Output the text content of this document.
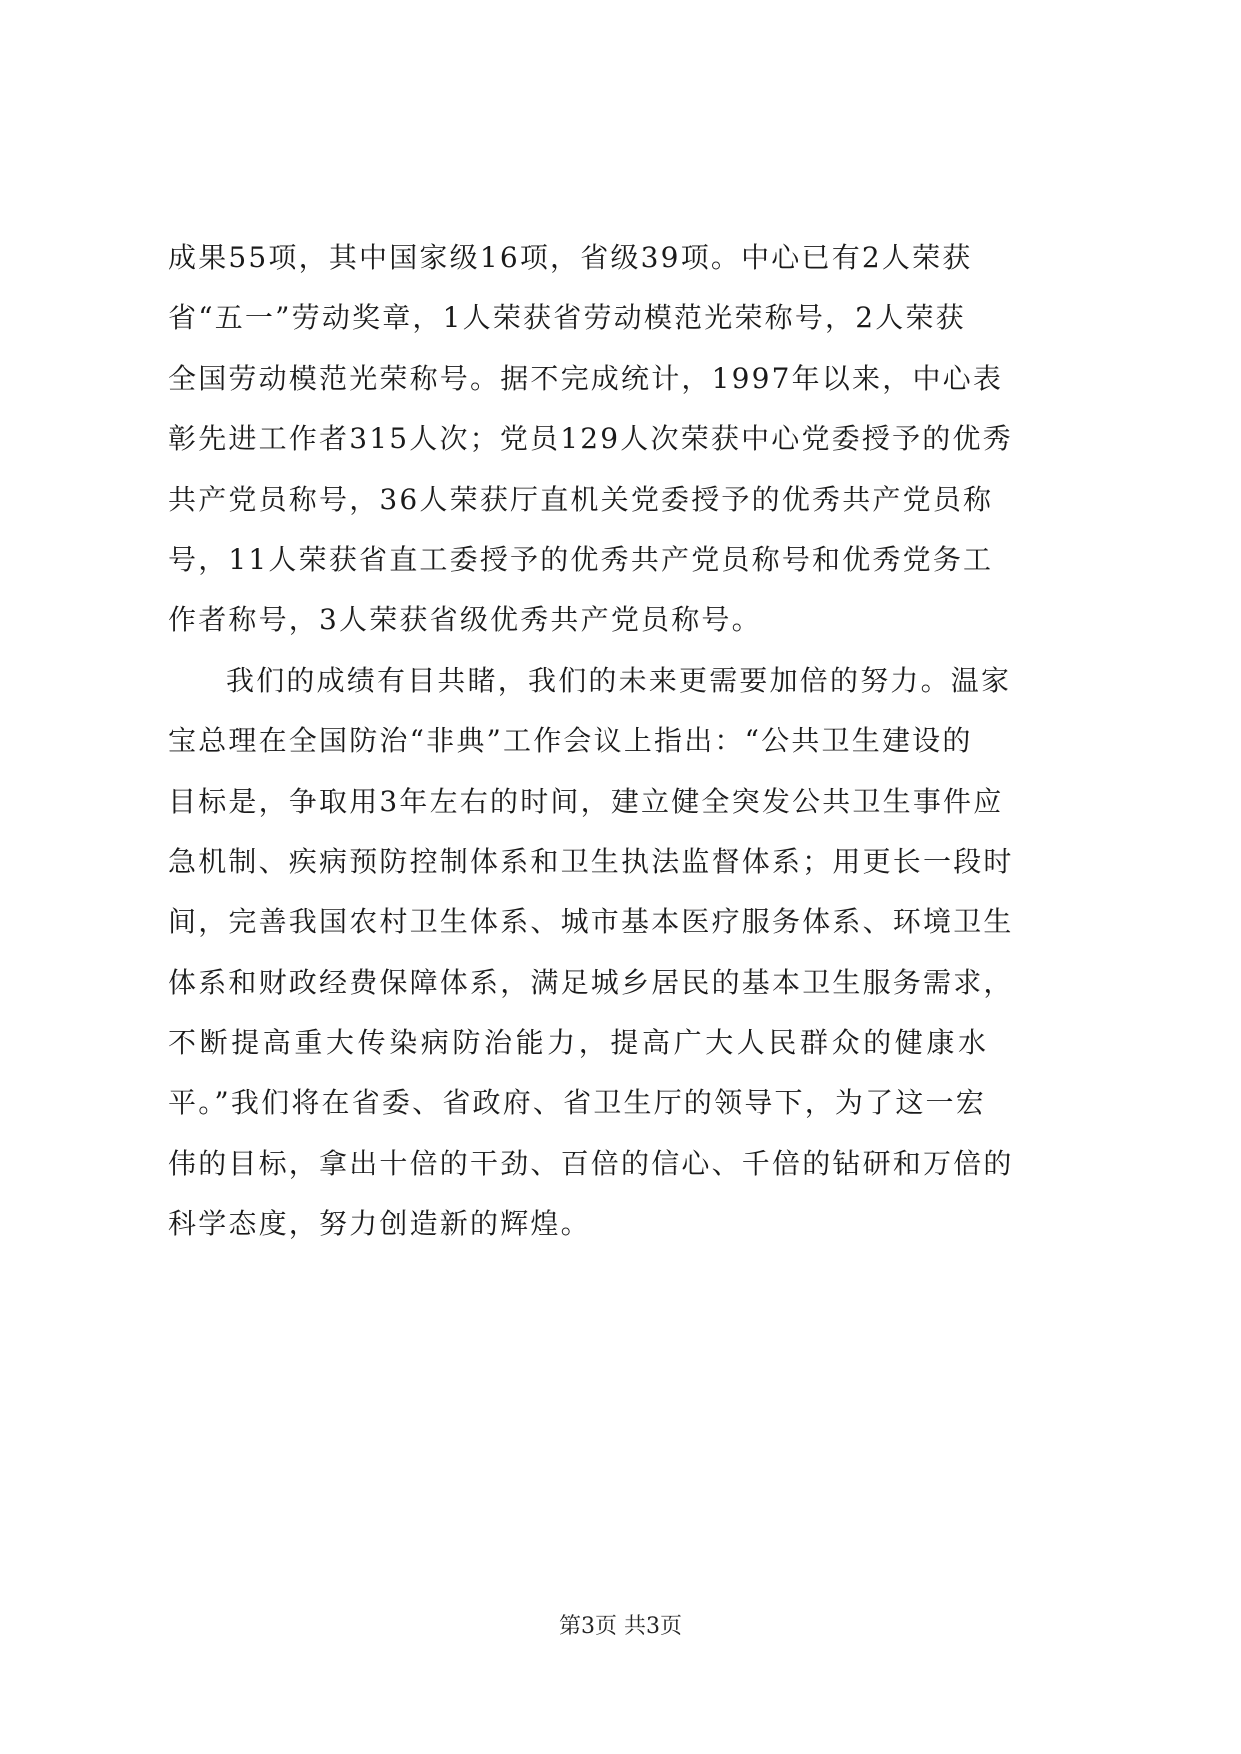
成果55项，其中国家级16项，省级39项。中心已有2人荣获
省“五一”劳动奖章，1人荣获省劳动模范光荣称号，2人荣获
全国劳动模范光荣称号。据不完成统计，1997年以来，中心表
彰先进工作者315人次；党员129人次荣获中心党委授予的优秀
共产党员称号，36人荣获厅直机关党委授予的优秀共产党员称
号，11人荣获省直工委授予的优秀共产党员称号和优秀党务工
作者称号，3人荣获省级优秀共产党员称号。
我们的成绩有目共睹，我们的未来更需要加倍的努力。温家
宝总理在全国防治“非典”工作会议上指出：“公共卫生建设的
目标是，争取用3年左右的时间，建立健全突发公共卫生事件应
急机制、疾病预防控制体系和卫生执法监督体系；用更长一段时
间，完善我国农村卫生体系、城市基本医疗服务体系、环境卫生
体系和财政经费保障体系，满足城乡居民的基本卫生服务需求，
不断提高重大传染病防治能力，提高广大人民群众的健康水
平。”我们将在省委、省政府、省卫生厅的领导下，为了这一宏
伟的目标，拿出十倍的干劲、百倍的信心、千倍的钻研和万倍的
科学态度，努力创造新的辉煌。
第3页 共3页
